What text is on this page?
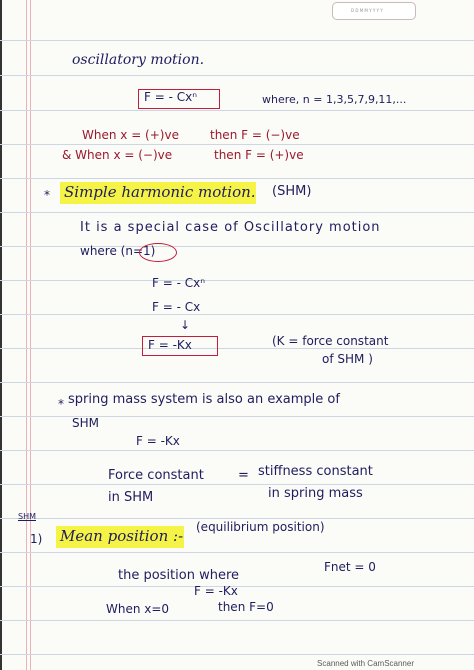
D D M M Y Y Y Y
oscillatory motion.
F = - Cxⁿ	where, n = 1,3,5,7,9,11,...
When x = (+)ve	then F = (−)ve
& When x = (−)ve	then F = (+)ve
* Simple harmonic motion. (SHM)
It is a special case of Oscillatory motion
where (n=1)
F = - Cxⁿ
F = - Cx
↓
F = -Kx	(K = force constant
of SHM )
* spring mass system is also an example of
SHM
F = -Kx
Force constant	= stiffness constant
in SHM	in spring mass
SHM
1) Mean position :- (equilibrium position)
the position where
Fnet = 0
F = -Kx
When x=0	then F=0
Scanned with CamScanner
